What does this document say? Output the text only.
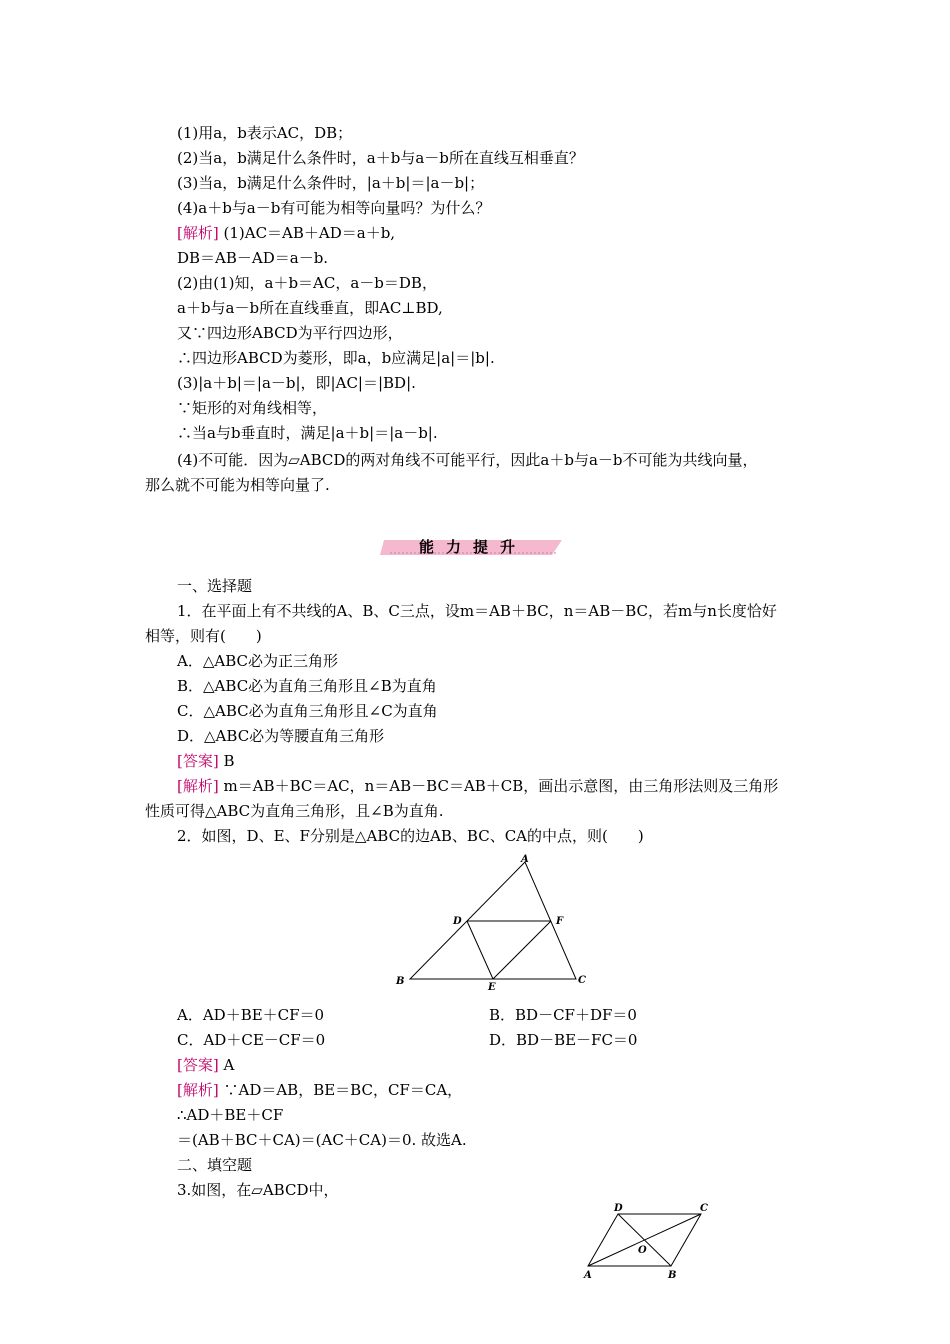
(1)用a，b表示AC，DB；
(2)当a，b满足什么条件时，a＋b与a－b所在直线互相垂直？
(3)当a，b满足什么条件时，|a＋b|＝|a－b|；
(4)a＋b与a－b有可能为相等向量吗？为什么？
[解析] (1)AC＝AB＋AD＝a＋b,
DB＝AB－AD＝a－b.
(2)由(1)知，a＋b＝AC，a－b＝DB，
a＋b与a－b所在直线垂直，即AC⊥BD,
又∵四边形ABCD为平行四边形，
∴四边形ABCD为菱形，即a，b应满足|a|＝|b|.
(3)|a＋b|＝|a－b|，即|AC|＝|BD|.
∵矩形的对角线相等，
∴当a与b垂直时，满足|a＋b|＝|a－b|.
(4)不可能．因为▱ABCD的两对角线不可能平行，因此a＋b与a－b不可能为共线向量，
那么就不可能为相等向量了.
能力提升
一、选择题
1．在平面上有不共线的A、B、C三点，设m＝AB＋BC，n＝AB－BC，若m与n长度恰好
相等，则有(　　)
A．△ABC必为正三角形
B．△ABC必为直角三角形且∠B为直角
C．△ABC必为直角三角形且∠C为直角
D．△ABC必为等腰直角三角形
[答案] B
[解析] m＝AB＋BC＝AC，n＝AB－BC＝AB＋CB，画出示意图，由三角形法则及三角形
性质可得△ABC为直角三角形，且∠B为直角.
2．如图，D、E、F分别是△ABC的边AB、BC、CA的中点，则(　　)
A
D	F
B
E
C
A．AD＋BE＋CF＝0	B．BD－CF＋DF＝0
C．AD＋CE－CF＝0	D．BD－BE－FC＝0
[答案] A
[解析] ∵AD＝AB，BE＝BC，CF＝CA，
∴AD＋BE＋CF
＝(AB＋BC＋CA)＝(AC＋CA)＝0. 故选A.
二、填空题
3.如图，在▱ABCD中，
D	C
O
A	B
